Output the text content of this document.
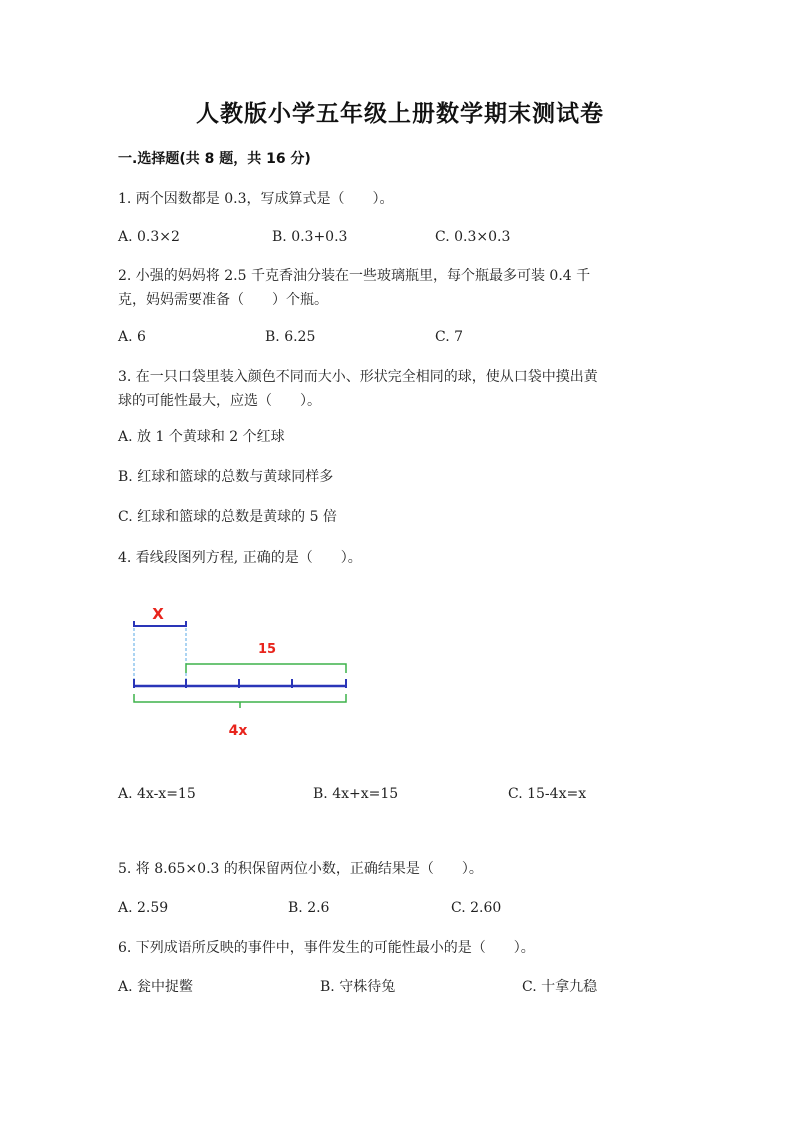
人教版小学五年级上册数学期末测试卷
一.选择题(共 8 题，共 16 分)
1. 两个因数都是 0.3，写成算式是（　　）。
A. 0.3×2	B. 0.3+0.3	C. 0.3×0.3
2. 小强的妈妈将 2.5 千克香油分装在一些玻璃瓶里，每个瓶最多可装 0.4 千
克，妈妈需要准备（　　）个瓶。
A. 6	B. 6.25	C. 7
3. 在一只口袋里装入颜色不同而大小、形状完全相同的球，使从口袋中摸出黄
球的可能性最大，应选（　　）。
A. 放 1 个黄球和 2 个红球
B. 红球和篮球的总数与黄球同样多
C. 红球和篮球的总数是黄球的 5 倍
4. 看线段图列方程, 正确的是（　　）。
X
15
4x
A. 4x-x=15	B. 4x+x=15	C. 15-4x=x
5. 将 8.65×0.3 的积保留两位小数，正确结果是（　　）。
A. 2.59	B. 2.6	C. 2.60
6. 下列成语所反映的事件中，事件发生的可能性最小的是（　　）。
A. 瓮中捉鳖	B. 守株待兔	C. 十拿九稳
